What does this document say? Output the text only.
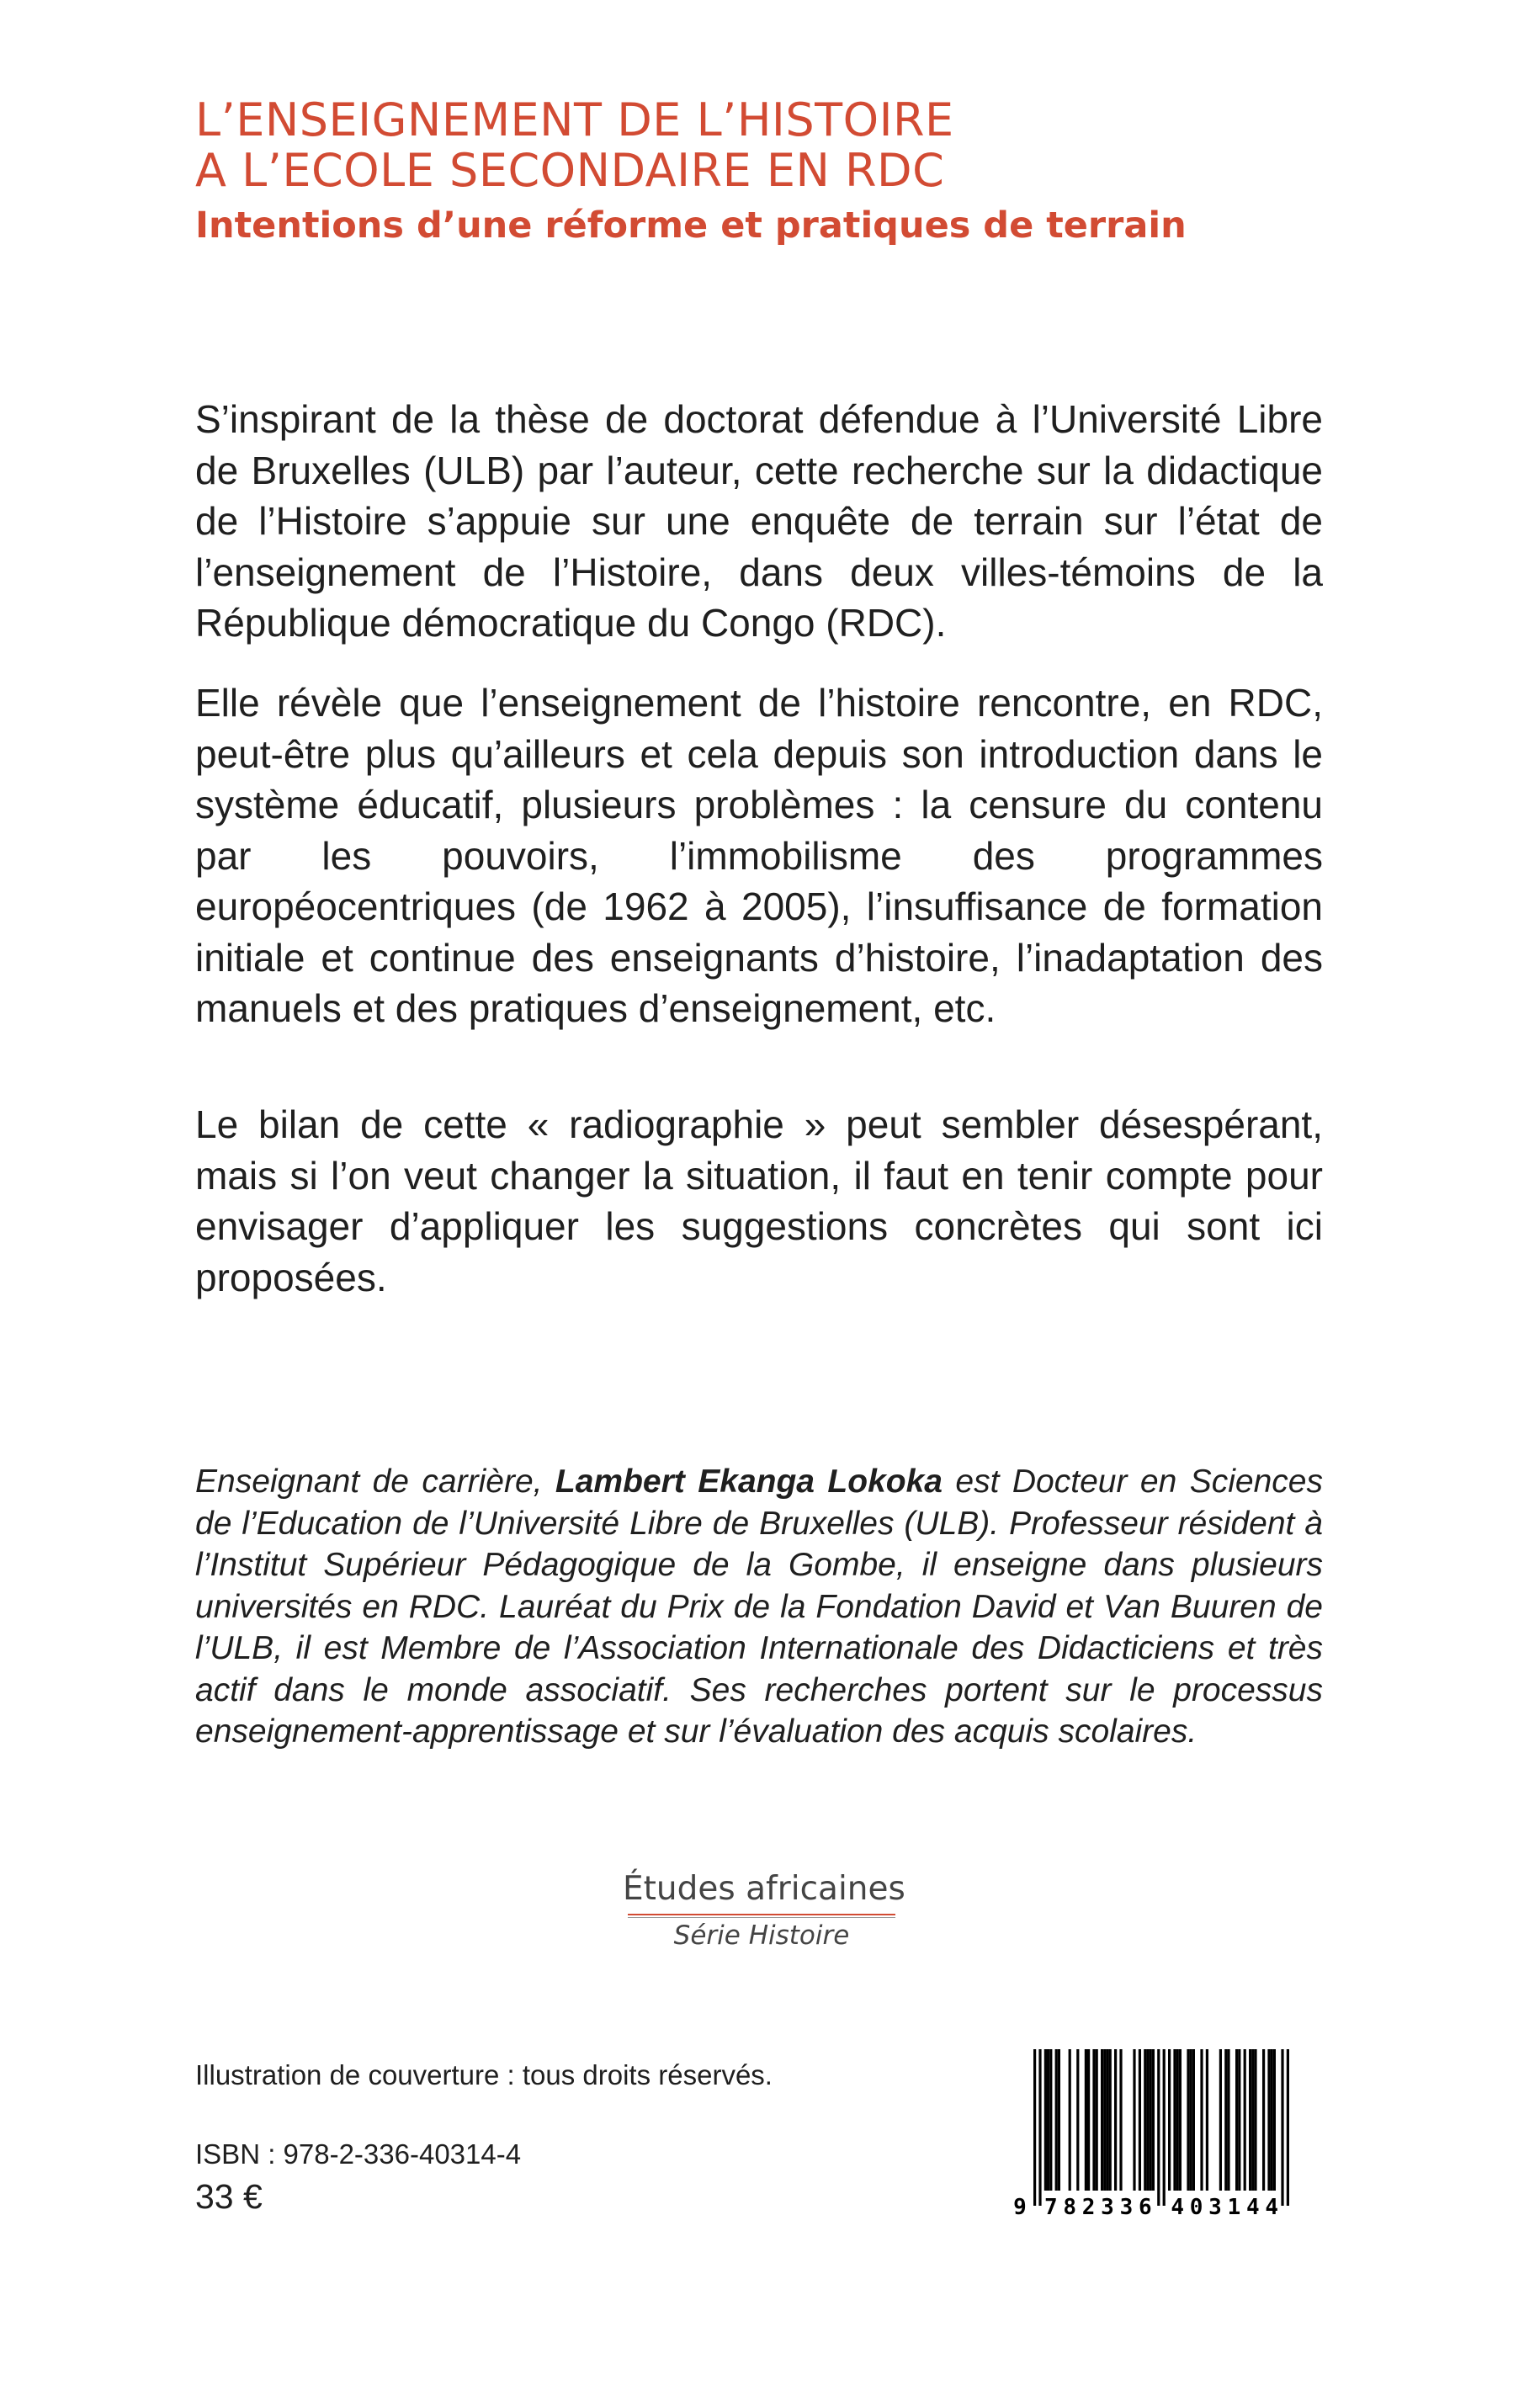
L’ENSEIGNEMENT DE L’HISTOIRE
A L’ECOLE SECONDAIRE EN RDC
Intentions d’une réforme et pratiques de terrain

S’inspirant de la thèse de doctorat défendue à l’Université Libre de Bruxelles (ULB) par l’auteur, cette recherche sur la didactique de l’Histoire s’appuie sur une enquête de terrain sur l’état de l’enseignement de l’Histoire, dans deux villes-témoins de la République démocratique du Congo (RDC).

Elle révèle que l’enseignement de l’histoire rencontre, en RDC, peut-être plus qu’ailleurs et cela depuis son introduction dans le système éducatif, plusieurs problèmes : la censure du contenu par les pouvoirs, l’immobilisme des programmes européocentriques (de 1962 à 2005), l’insuffisance de formation initiale et continue des enseignants d’histoire, l’inadaptation des manuels et des pratiques d’enseignement, etc.

Le bilan de cette « radiographie » peut sembler désespérant, mais si l’on veut changer la situation, il faut en tenir compte pour envisager d’appliquer les suggestions concrètes qui sont ici proposées.

Enseignant de carrière, Lambert Ekanga Lokoka est Docteur en Sciences de l’Education de l’Université Libre de Bruxelles (ULB). Professeur résident à l’Institut Supérieur Pédagogique de la Gombe, il enseigne dans plusieurs universités en RDC. Lauréat du Prix de la Fondation David et Van Buuren de l’ULB, il est Membre de l’Association Internationale des Didacticiens et très actif dans le monde associatif. Ses recherches portent sur le processus enseignement-apprentissage et sur l’évaluation des acquis scolaires.

Études africaines
Série Histoire

Illustration de couverture : tous droits réservés.

ISBN : 978-2-336-40314-4

33 €	9 7 8 2 3 3 6 4 0 3 1 4 4
